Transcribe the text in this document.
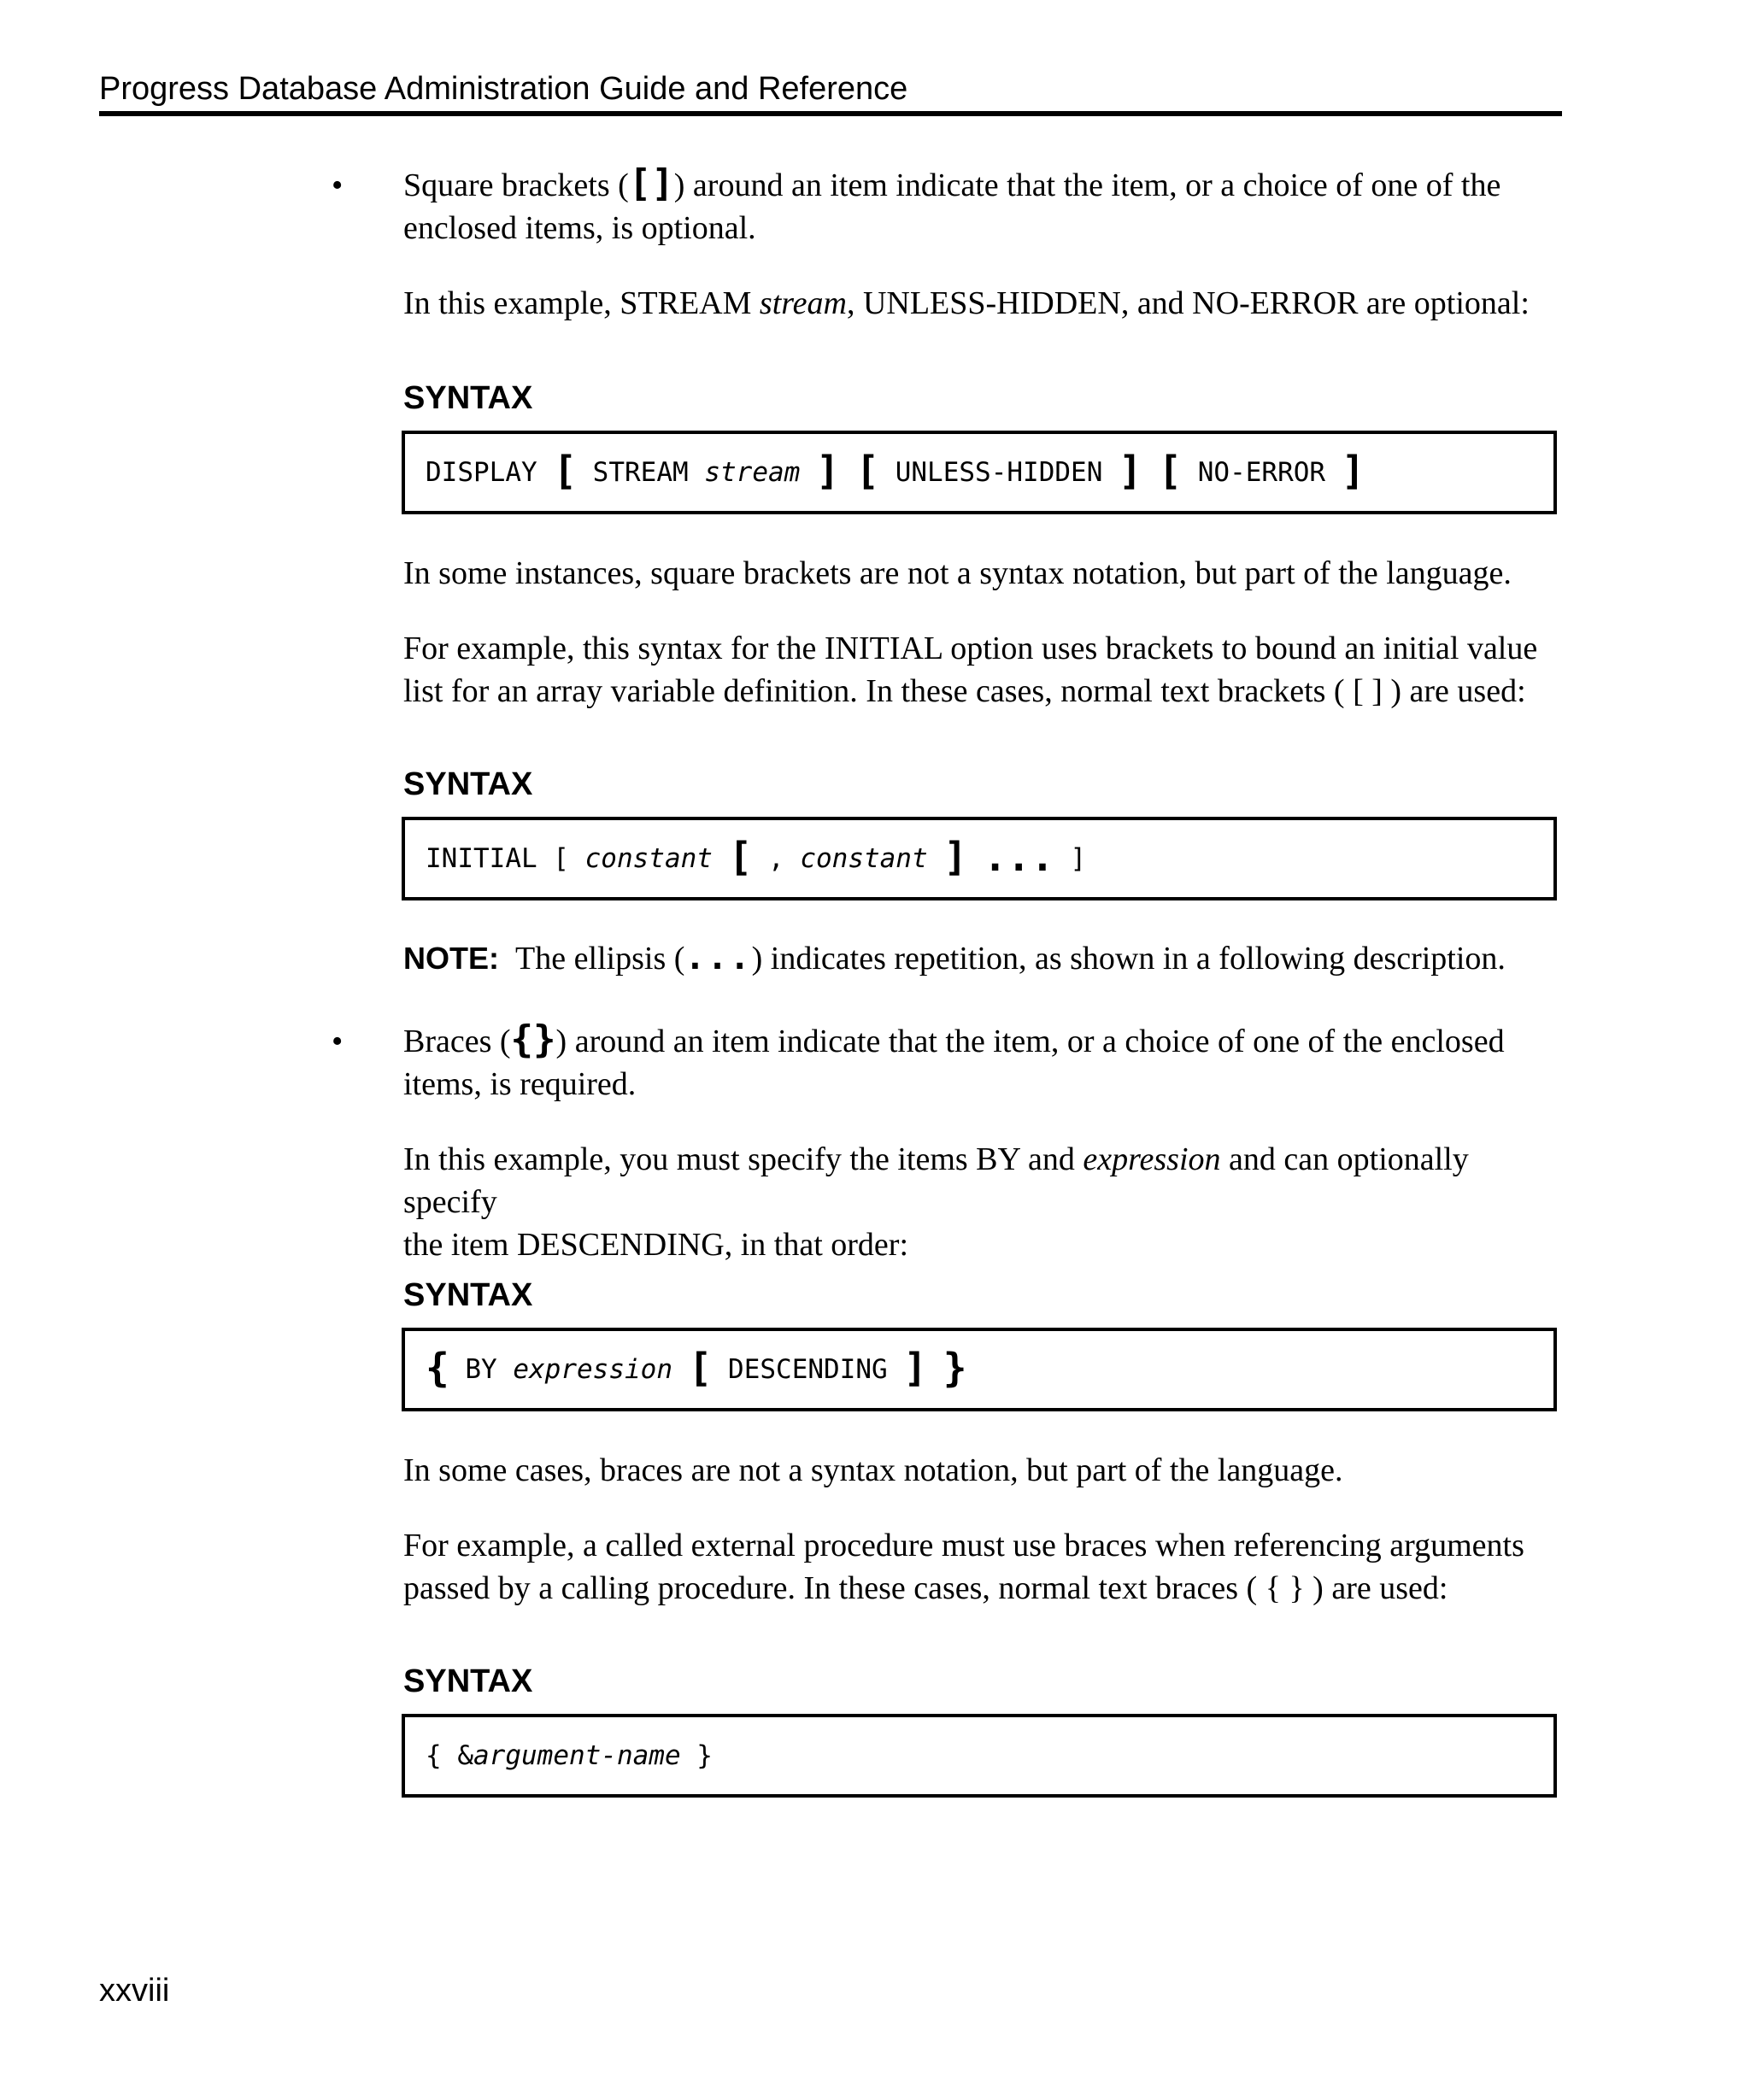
Progress Database Administration Guide and Reference
• Square brackets ([]) around an item indicate that the item, or a choice of one of the
enclosed items, is optional.
In this example, STREAM stream, UNLESS-HIDDEN, and NO-ERROR are optional:
SYNTAX
DISPLAY [ STREAM stream
]
[ UNLESS-HIDDEN ]
[ NO-ERROR ]
In some instances, square brackets are not a syntax notation, but part of the language.
For example, this syntax for the INITIAL option uses brackets to bound an initial value
list for an array variable definition. In these cases, normal text brackets ( [ ] ) are used:
SYNTAX
INITIAL [ constant
[ , constant
]
... ]
NOTE: The ellipsis (...) indicates repetition, as shown in a following description.
• Braces ({}) around an item indicate that the item, or a choice of one of the enclosed
items, is required.
In this example, you must specify the items BY and expression and can optionally specify
the item DESCENDING, in that order:
SYNTAX
{ BY expression
[ DESCENDING ]
}
In some cases, braces are not a syntax notation, but part of the language.
For example, a called external procedure must use braces when referencing arguments
passed by a calling procedure. In these cases, normal text braces ( { } ) are used:
SYNTAX
{ & argument-name }
xxviii
